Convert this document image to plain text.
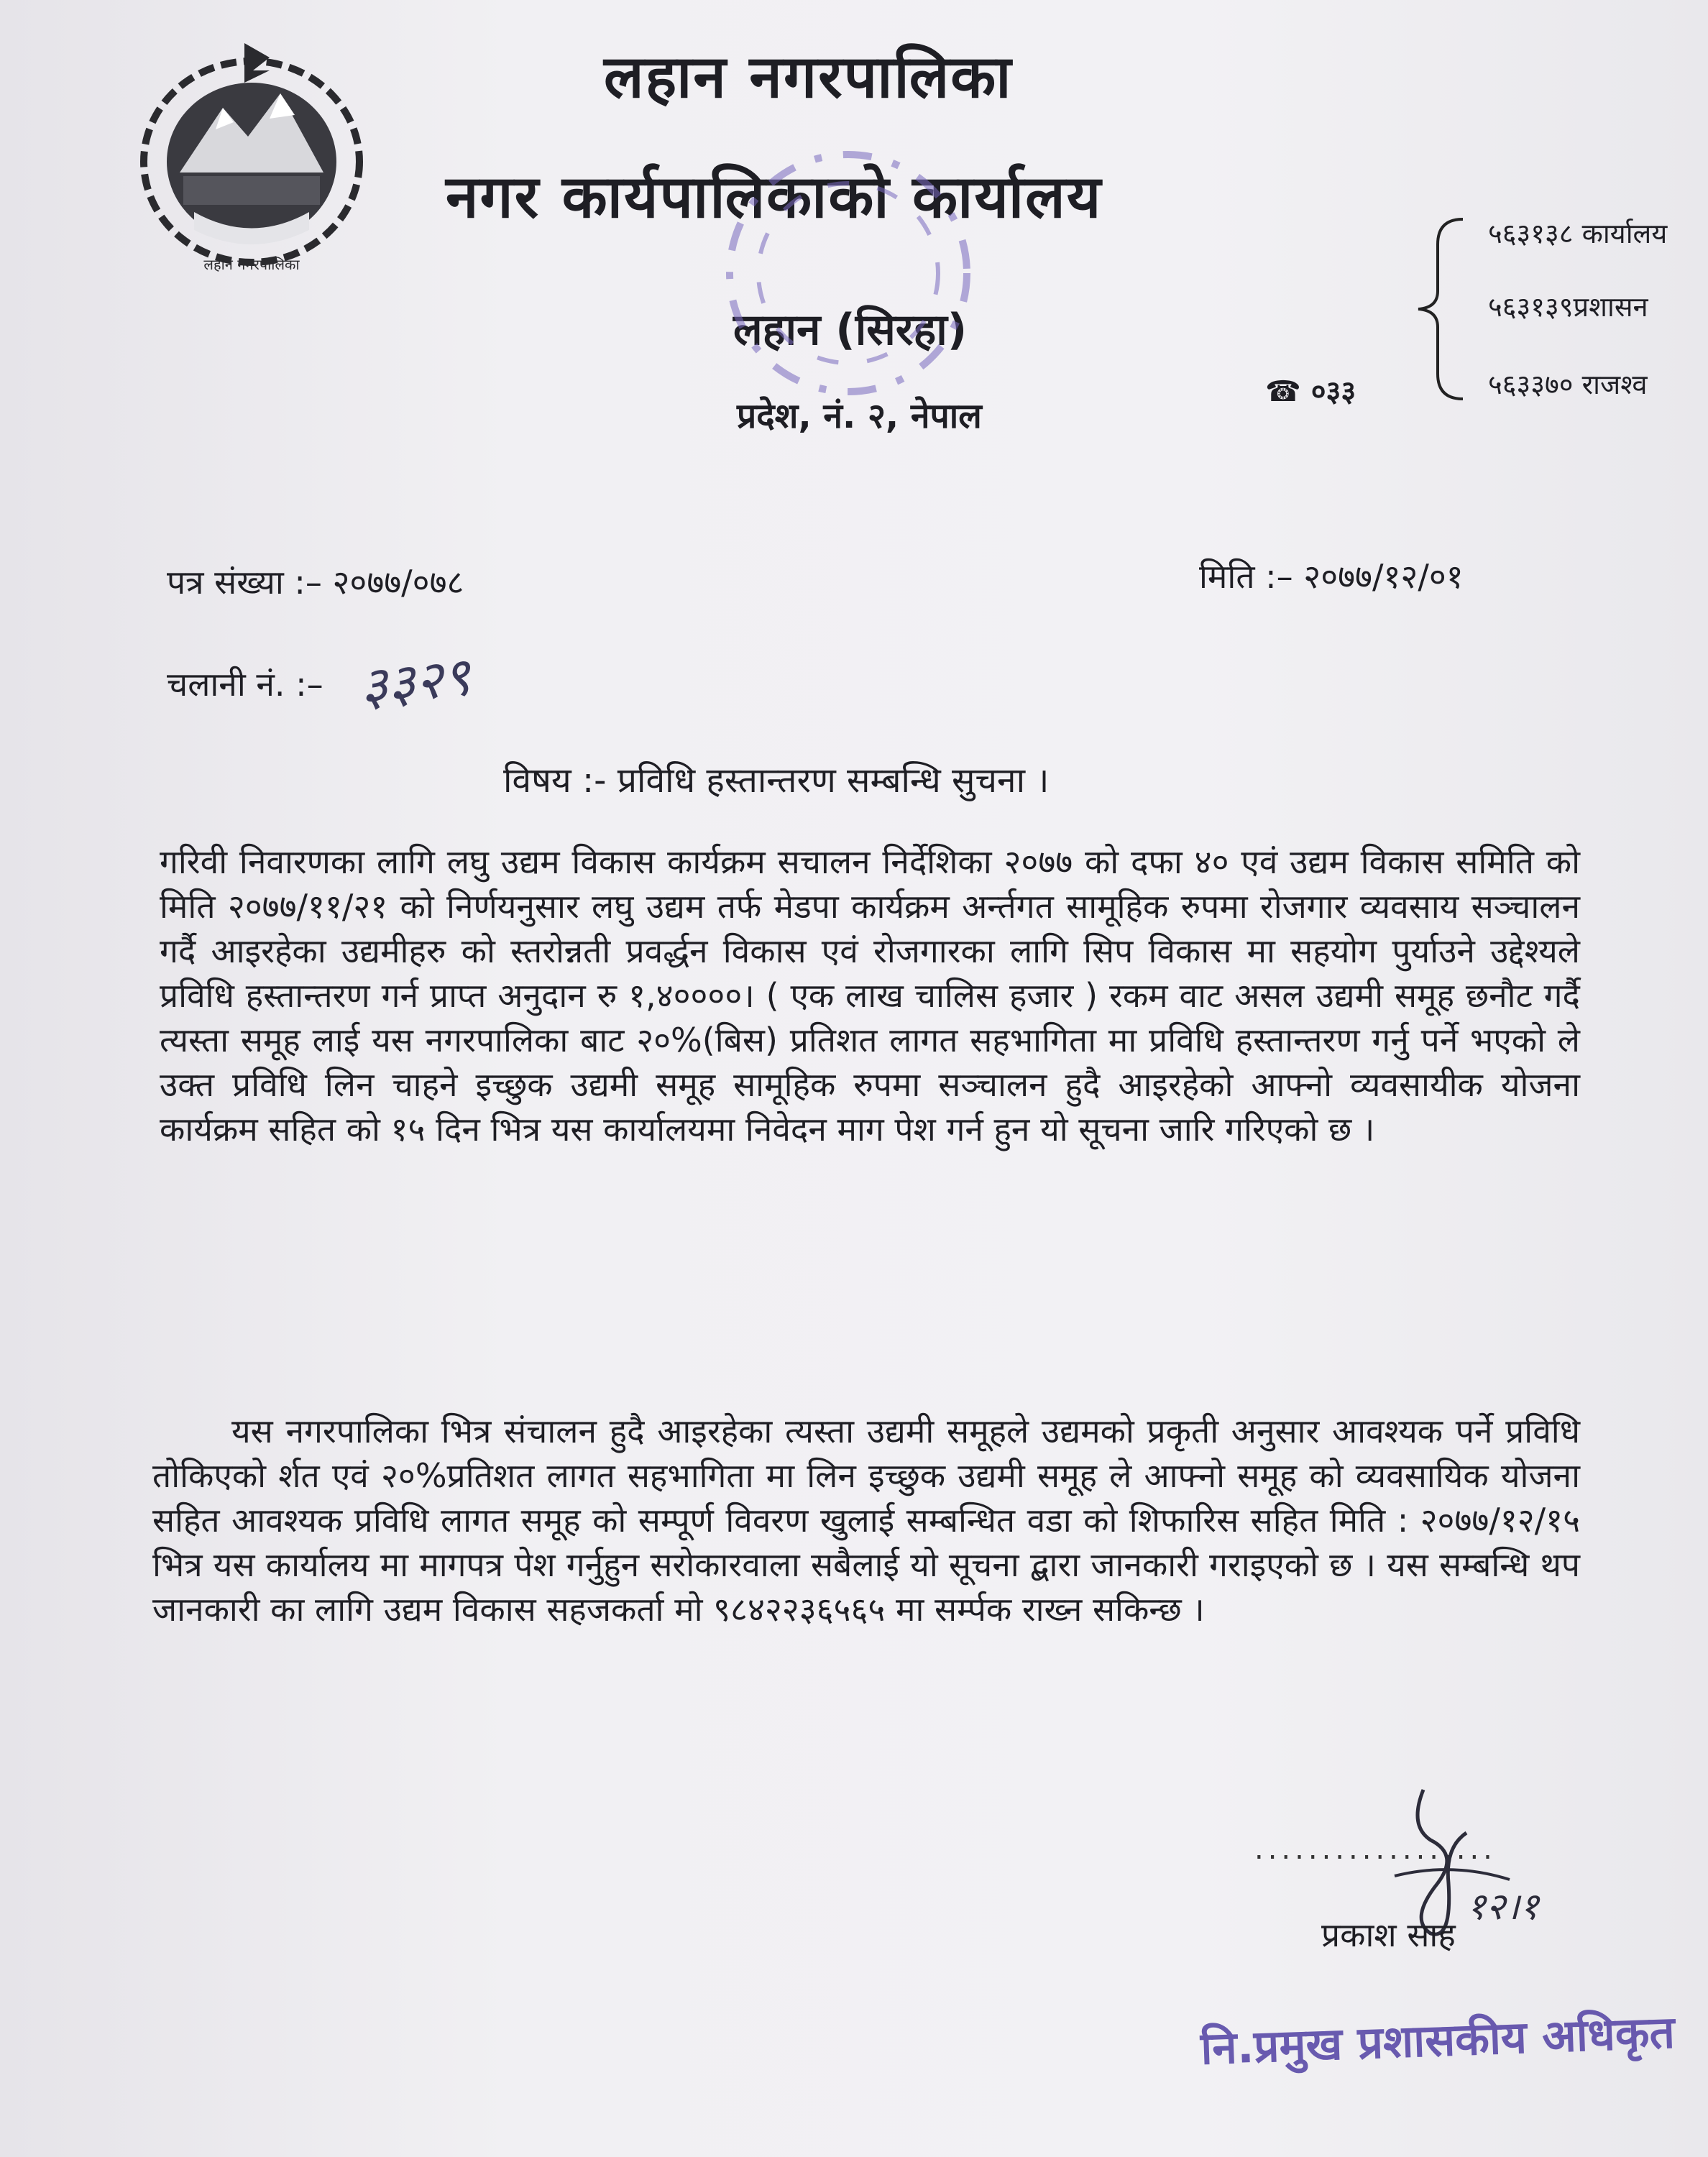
लहान नगरपालिका
लहान नगरपालिका
नगर कार्यपालिकाको कार्यालय
लहान (सिरहा)
प्रदेश, नं. २, नेपाल
☎ ०३३
५६३१३८ कार्यालय
५६३१३९प्रशासन
५६३३७० राजश्व
पत्र संख्या :– २०७७/०७८	मिति :– २०७७/१२/०१
चलानी नं. :– ३३२९
विषय :- प्रविधि हस्तान्तरण सम्बन्धि सुचना ।
गरिवी निवारणका लागि लघु उद्यम विकास कार्यक्रम सचालन निर्देशिका २०७७ को दफा ४० एवं उद्यम विकास समिति को मिति २०७७/११/२१ को निर्णयनुसार लघु उद्यम तर्फ मेडपा कार्यक्रम अर्न्तगत सामूहिक रुपमा रोजगार व्यवसाय सञ्चालन गर्दै आइरहेका उद्यमीहरु को स्तरोन्नती प्रवर्द्धन विकास एवं रोजगारका लागि सिप विकास मा सहयोग पुर्याउने उद्देश्यले प्रविधि हस्तान्तरण गर्न प्राप्त अनुदान रु १,४००००। ( एक लाख चालिस हजार ) रकम वाट असल उद्यमी समूह छनौट गर्दै त्यस्ता समूह लाई यस नगरपालिका बाट २०%(बिस) प्रतिशत लागत सहभागिता मा प्रविधि हस्तान्तरण गर्नु पर्ने भएको ले उक्त प्रविधि लिन चाहने इच्छुक उद्यमी समूह सामूहिक रुपमा सञ्चालन हुदै आइरहेको आफ्नो व्यवसायीक योजना कार्यक्रम सहित को १५ दिन भित्र यस कार्यालयमा निवेदन माग पेश गर्न हुन यो सूचना जारि गरिएको छ ।
यस नगरपालिका भित्र संचालन हुदै आइरहेका त्यस्ता उद्यमी समूहले उद्यमको प्रकृती अनुसार आवश्यक पर्ने प्रविधि तोकिएको र्शत एवं २०%प्रतिशत लागत सहभागिता मा लिन इच्छुक उद्यमी समूह ले आफ्नो समूह को व्यवसायिक योजना सहित आवश्यक प्रविधि लागत समूह को सम्पूर्ण विवरण खुलाई सम्बन्धित वडा को शिफारिस सहित मिति : २०७७/१२/१५ भित्र यस कार्यालय मा मागपत्र पेश गर्नुहुन सरोकारवाला सबैलाई यो सूचना द्बारा जानकारी गराइएको छ । यस सम्बन्धि थप जानकारी का लागि उद्यम विकास सहजकर्ता मो ९८४२२३६५६५ मा सर्म्पक राख्न सकिन्छ ।
..................
१२।१
प्रकाश साह
नि.प्रमुख प्रशासकीय अधिकृत
